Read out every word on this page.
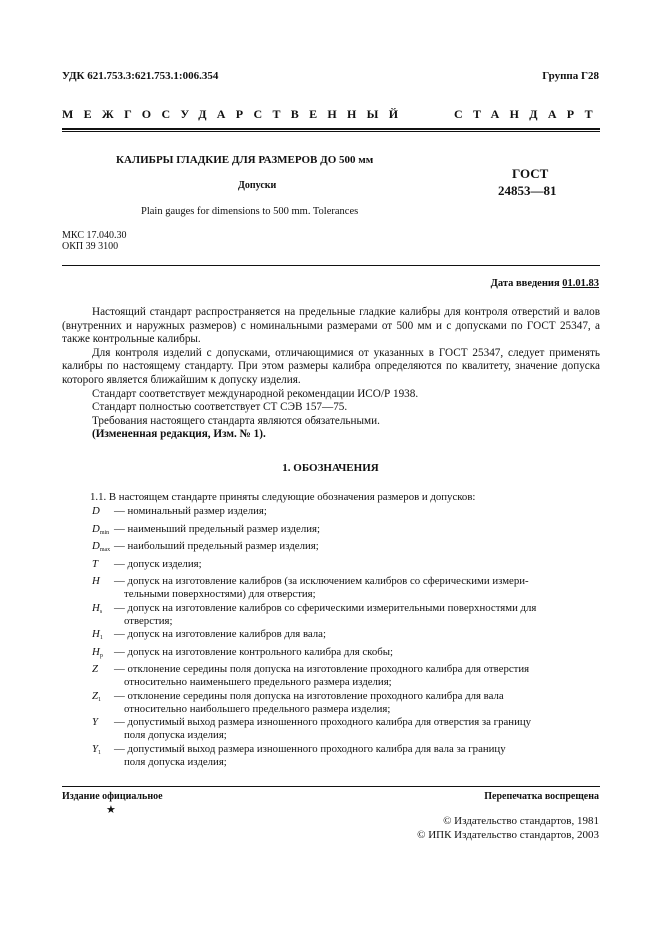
УДК 621.753.3:621.753.1:006.354	Группа Г28
МЕЖГОСУДАРСТВЕННЫЙ	СТАНДАРТ
КАЛИБРЫ ГЛАДКИЕ ДЛЯ РАЗМЕРОВ ДО 500 мм
Допуски
Plain gauges for dimensions to 500 mm. Tolerances
ГОСТ
24853—81
МКС 17.040.30
ОКП 39 3100
Дата введения 01.01.83

Настоящий стандарт распространяется на предельные гладкие калибры для контроля отверстий и валов (внутренних и наружных размеров) с номинальными размерами от 500 мм и с допусками по ГОСТ 25347, а также контрольные калибры.

Для контроля изделий с допусками, отличающимися от указанных в ГОСТ 25347, следует применять калибры по настоящему стандарту. При этом размеры калибра определяются по квалитету, значение допуска которого является ближайшим к допуску изделия.

Стандарт соответствует международной рекомендации ИСО/Р 1938.

Стандарт полностью соответствует СТ СЭВ 157—75.

Требования настоящего стандарта являются обязательными.

(Измененная редакция, Изм. № 1).

1. ОБОЗНАЧЕНИЯ

1.1. В настоящем стандарте приняты следующие обозначения размеров и допусков:

D	— номинальный размер изделия;
$D_{min}$ — наименьший предельный размер изделия;
$D_{max}$ — наибольший предельный размер изделия;
T	— допуск изделия;
H	— допуск на изготовление калибров (за исключением калибров со сферическими измери-
тельными поверхностями) для отверстия;
$H_s$	— допуск на изготовление калибров со сферическими измерительными поверхностями для
отверстия;
$H_1$	— допуск на изготовление калибров для вала;
$H_p$	— допуск на изготовление контрольного калибра для скобы;
Z	— отклонение середины поля допуска на изготовление проходного калибра для отверстия
относительно наименьшего предельного размера изделия;
$Z_1$	— отклонение середины поля допуска на изготовление проходного калибра для вала
относительно наибольшего предельного размера изделия;
Y	— допустимый выход размера изношенного проходного калибра для отверстия за границу
поля допуска изделия;
$Y_1$	— допустимый выход размера изношенного проходного калибра для вала за границу
поля допуска изделия;
Издание официальное	Перепечатка воспрещена
★
© Издательство стандартов, 1981
© ИПК Издательство стандартов, 2003
